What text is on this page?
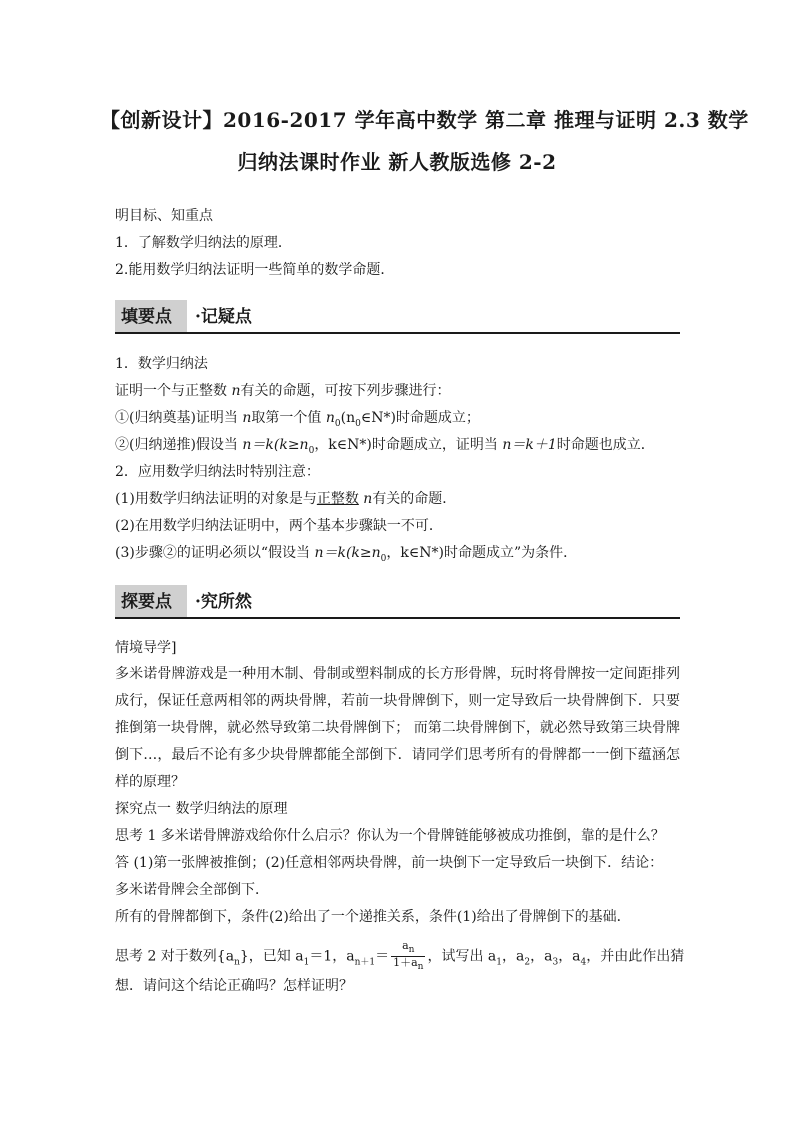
【创新设计】2016-2017 学年高中数学 第二章 推理与证明 2.3 数学
归纳法课时作业 新人教版选修 2-2
明目标、知重点
1．了解数学归纳法的原理．
2.能用数学归纳法证明一些简单的数学命题．
填要点	·记疑点
1．数学归纳法
证明一个与正整数 n有关的命题，可按下列步骤进行：
①(归纳奠基)证明当 n取第一个值 $n_0(n_0\in N*)$时命题成立；
②(归纳递推)假设当 $n=k(k\ge n_0$，k∈N*)时命题成立，证明当 n＝k＋1时命题也成立．
2．应用数学归纳法时特别注意：
(1)用数学归纳法证明的对象是与正整数 n有关的命题．
(2)在用数学归纳法证明中，两个基本步骤缺一不可．
(3)步骤②的证明必须以“假设当 $n=k(k\ge n_0$，k∈N*)时命题成立”为条件．
探要点	·究所然
情境导学]
多米诺骨牌游戏是一种用木制、骨制或塑料制成的长方形骨牌，玩时将骨牌按一定间距排列
成行，保证任意两相邻的两块骨牌，若前一块骨牌倒下，则一定导致后一块骨牌倒下．只要
推倒第一块骨牌，就必然导致第二块骨牌倒下； 而第二块骨牌倒下，就必然导致第三块骨牌
倒下…，最后不论有多少块骨牌都能全部倒下．请同学们思考所有的骨牌都一一倒下蕴涵怎
样的原理？
探究点一 数学归纳法的原理
思考 1 多米诺骨牌游戏给你什么启示？你认为一个骨牌链能够被成功推倒，靠的是什么？
答 (1)第一张牌被推倒；(2)任意相邻两块骨牌，前一块倒下一定导致后一块倒下．结论：
多米诺骨牌会全部倒下．
所有的骨牌都倒下，条件(2)给出了一个递推关系，条件(1)给出了骨牌倒下的基础．
思考 2 对于数列$\{a_n\}$，已知 $a_1=1$，$a_{n+1}= \frac{a_n}{1+a_n}$ ，试写出 $a_1$，$a_2$，$a_3$，$a_4$，并由此作出猜
想．请问这个结论正确吗？怎样证明？
